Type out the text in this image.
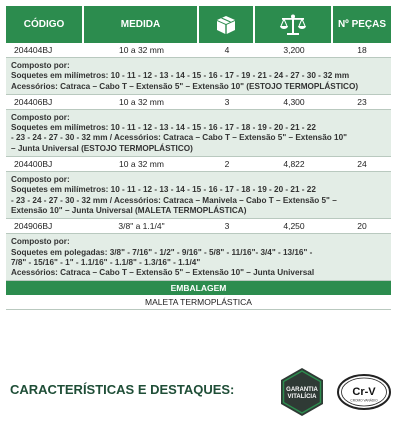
CÓDIGO	MEDIDA	Nº PEÇAS
204404BJ	10 a 32 mm	4	3,200	18
Composto por:
Soquetes em milímetros: 10 - 11 - 12 - 13 - 14 - 15 - 16 - 17 - 19 - 21 - 24 - 27 - 30 - 32 mm
Acessórios: Catraca – Cabo T – Extensão 5" – Extensão 10" (ESTOJO TERMOPLÁSTICO)
204406BJ	10 a 32 mm	3	4,300	23
Composto por:
Soquetes em milímetros: 10 - 11 - 12 - 13 - 14 - 15 - 16 - 17 - 18 - 19 - 20 - 21 - 22
- 23 - 24 - 27 - 30 - 32 mm / Acessórios: Catraca – Cabo T – Extensão 5" – Extensão 10"
– Junta Universal (ESTOJO TERMOPLÁSTICO)
204400BJ	10 a 32 mm	2	4,822	24
Composto por:
Soquetes em milímetros: 10 - 11 - 12 - 13 - 14 - 15 - 16 - 17 - 18 - 19 - 20 - 21 - 22
- 23 - 24 - 27 - 30 - 32 mm / Acessórios: Catraca – Manivela – Cabo T – Extensão 5" –
Extensão 10" – Junta Universal (MALETA TERMOPLÁSTICA)
204906BJ	3/8" a 1.1/4"	3	4,250	20
Composto por:
Soquetes em polegadas: 3/8" - 7/16" - 1/2" - 9/16" - 5/8" - 11/16"- 3/4" - 13/16" -
7/8" - 15/16" - 1" - 1.1/16" - 1.1/8" - 1.3/16" - 1.1/4"
Acessórios: Catraca – Cabo T – Extensão 5" – Extensão 10" – Junta Universal
EMBALAGEM
MALETA TERMOPLÁSTICA
CARACTERÍSTICAS E DESTAQUES:	GARANTIA
VITALÍCIA	Cr-V
CROMO VANÁDIO
